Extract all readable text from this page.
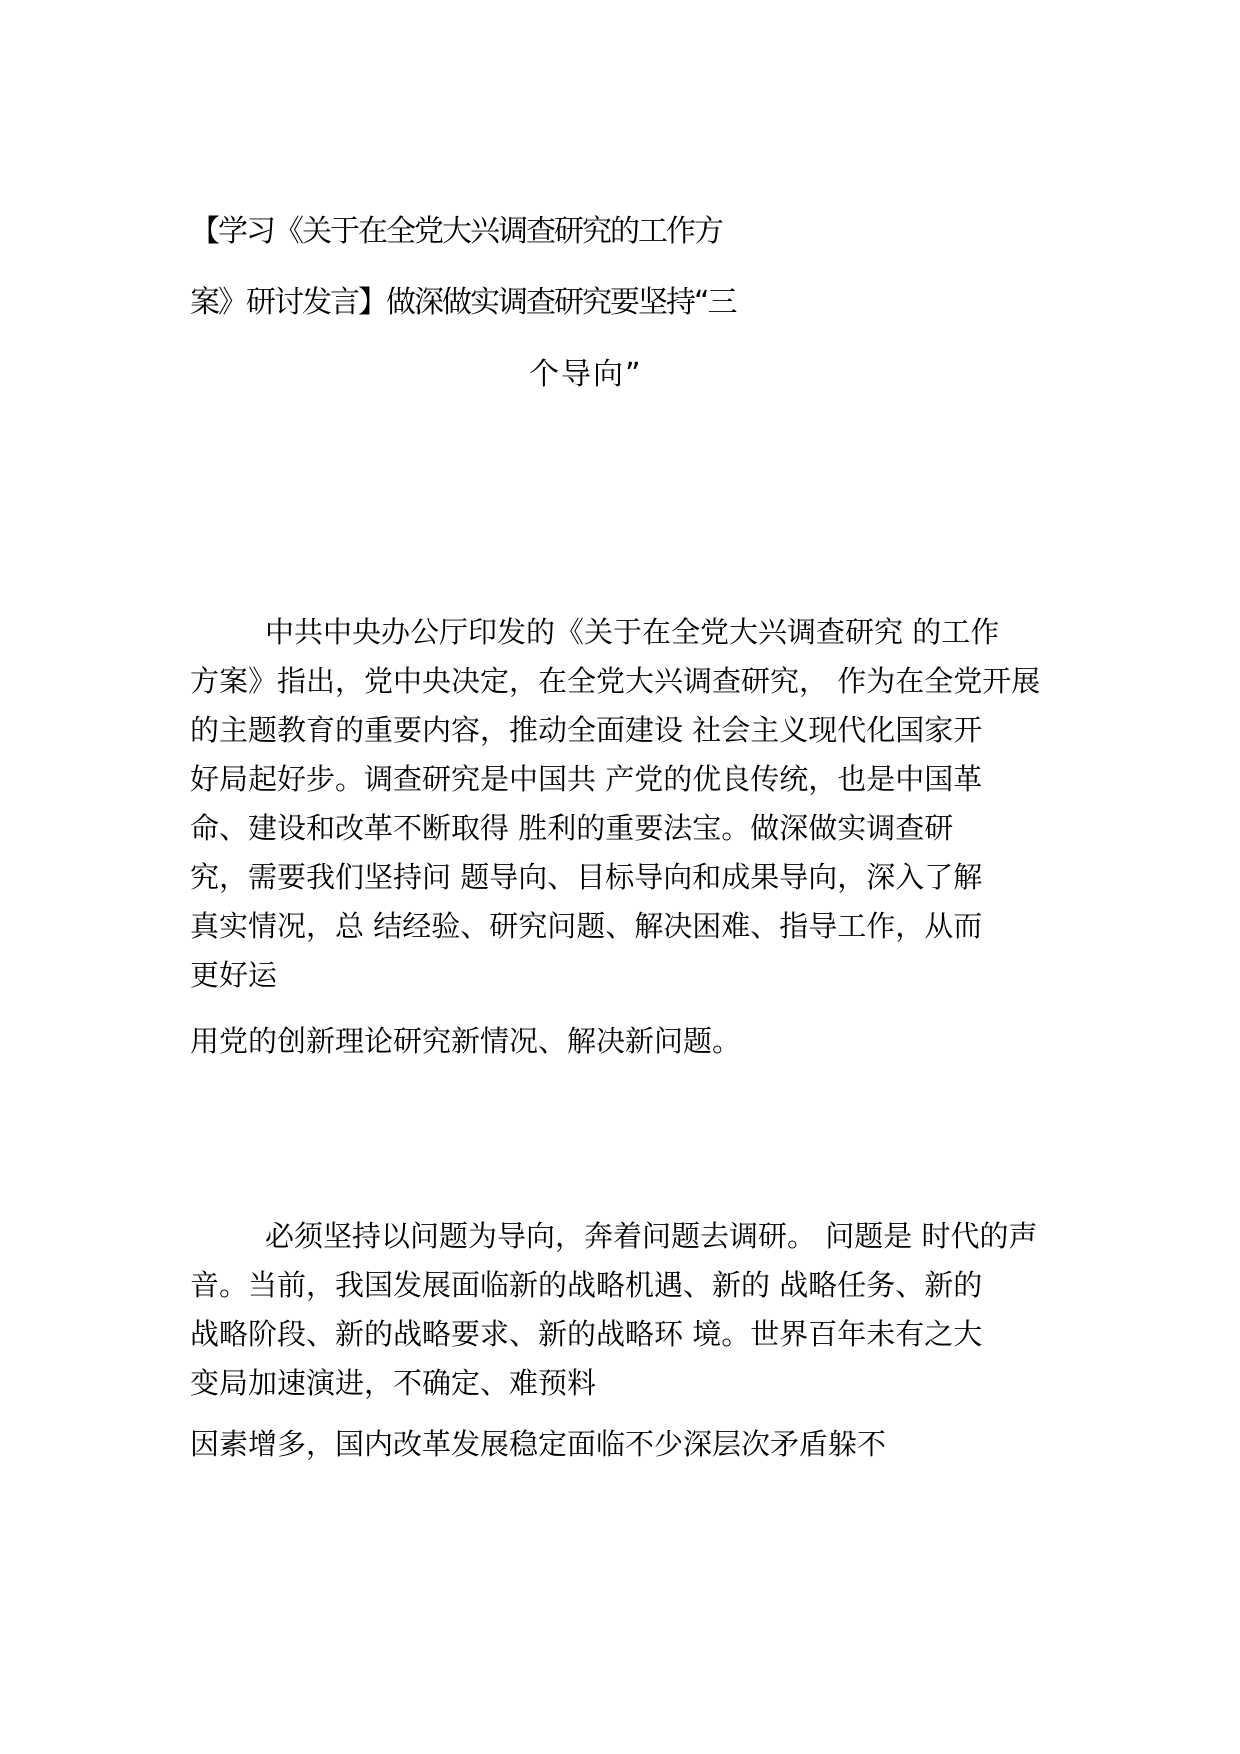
【学习《关于在全党大兴调查研究的工作方
案》研讨发言】做深做实调查研究要坚持“三
个导向”
中共中央办公厅印发的《关于在全党大兴调查研究 的工作
方案》指出，党中央决定，在全党大兴调查研究， 作为在全党开展
的主题教育的重要内容，推动全面建设 社会主义现代化国家开
好局起好步。调查研究是中国共 产党的优良传统，也是中国革
命、建设和改革不断取得 胜利的重要法宝。做深做实调查研
究，需要我们坚持问 题导向、目标导向和成果导向，深入了解
真实情况，总 结经验、研究问题、解决困难、指导工作，从而
更好运
用党的创新理论研究新情况、解决新问题。
必须坚持以问题为导向，奔着问题去调研。 问题是 时代的声
音。当前，我国发展面临新的战略机遇、新的 战略任务、新的
战略阶段、新的战略要求、新的战略环 境。世界百年未有之大
变局加速演进，不确定、难预料
因素增多，国内改革发展稳定面临不少深层次矛盾躲不
